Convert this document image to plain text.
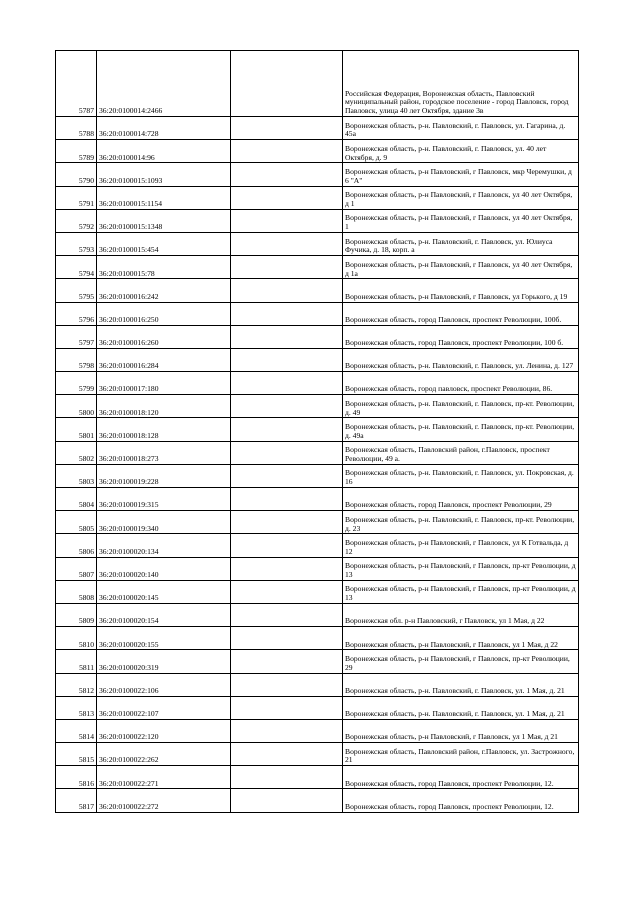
5787	36:20:0100014:2466		Российская Федерация, Воронежская область, Павловский муниципальный район, городское поселение - город Павловск, город Павловск, улица 40 лет Октября, здание 3в
5788	36:20:0100014:728		Воронежская область, р-н. Павловский, г. Павловск, ул. Гагарина, д. 45а
5789	36:20:0100014:96		Воронежская область, р-н. Павловский, г. Павловск, ул. 40 лет Октября, д. 9
5790	36:20:0100015:1093		Воронежская область, р-н Павловский, г Павловск, мкр Черемушки, д 6 "А"
5791	36:20:0100015:1154		Воронежская область, р-н Павловский, г Павловск, ул 40 лет Октября, д 1
5792	36:20:0100015:1348		Воронежская область, р-н Павловский, г Павловск, ул 40 лет Октября, 1
5793	36:20:0100015:454		Воронежская область, р-н. Павловский, г. Павловск, ул. Юлиуса Фучика, д. 18, корп. а
5794	36:20:0100015:78		Воронежская область, р-н Павловский, г Павловск, ул 40 лет Октября, д 1а
5795	36:20:0100016:242		Воронежская область, р-н Павловский, г Павловск, ул Горького, д 19
5796	36:20:0100016:250		Воронежская область, город Павловск, проспект Революции, 100б.
5797	36:20:0100016:260		Воронежская область, город Павловск, проспект Революции, 100 б.
5798	36:20:0100016:284		Воронежская область, р-н. Павловский, г. Павловск, ул. Ленина, д. 127
5799	36:20:0100017:180		Воронежская область, город павловск, проспект Революции, 86.
5800	36:20:0100018:120		Воронежская область, р-н. Павловский, г. Павловск, пр-кт. Революции, д. 49
5801	36:20:0100018:128		Воронежская область, р-н. Павловский, г. Павловск, пр-кт. Революции, д. 49а
5802	36:20:0100018:273		Воронежская область, Павловский район, г.Павловск, проспект Революции, 49 а.
5803	36:20:0100019:228		Воронежская область, р-н. Павловский, г. Павловск, ул. Покровская, д. 16
5804	36:20:0100019:315		Воронежская область, город Павловск, проспект Революции, 29
5805	36:20:0100019:340		Воронежская область, р-н. Павловский, г. Павловск, пр-кт. Революции, д. 23
5806	36:20:0100020:134		Воронежская область, р-н Павловский, г Павловск, ул К Готвальда, д 12
5807	36:20:0100020:140		Воронежская область, р-н Павловский, г Павловск, пр-кт Революции, д 13
5808	36:20:0100020:145		Воронежская область, р-н Павловский, г Павловск, пр-кт Революции, д 13
5809	36:20:0100020:154		Воронежская обл. р-н Павловский, г Павловск, ул 1 Мая, д 22
5810	36:20:0100020:155		Воронежская область, р-н Павловский, г Павловск, ул 1 Мая, д 22
5811	36:20:0100020:319		Воронежская область, р-н Павловский, г Павловск, пр-кт Революции, 29
5812	36:20:0100022:106		Воронежская область, р-н. Павловский, г. Павловск, ул. 1 Мая, д. 21
5813	36:20:0100022:107		Воронежская область, р-н. Павловский, г. Павловск, ул. 1 Мая, д. 21
5814	36:20:0100022:120		Воронежская область, р-н Павловский, г Павловск, ул 1 Мая, д 21
5815	36:20:0100022:262		Воронежская область, Павловский район, г.Павловск, ул. Застрожного, 21
5816	36:20:0100022:271		Воронежская область, город Павловск, проспект Революции, 12.
5817	36:20:0100022:272		Воронежская область, город Павловск, проспект Революции, 12.
